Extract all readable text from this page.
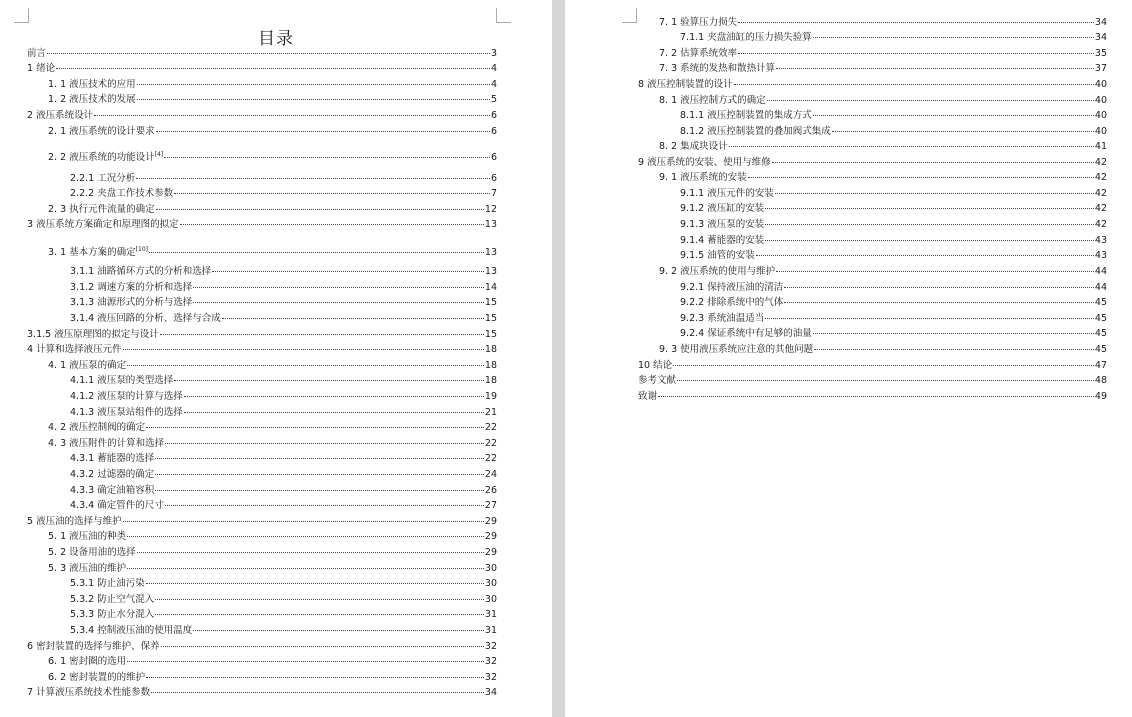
目录
前言	3
1 绪论	4
1. 1 液压技术的应用	4
1. 2 液压技术的发展	5
2 液压系统设计	6
2. 1 液压系统的设计要求	6
2. 2 液压系统的功能设计[4]	6
2.2.1 工况分析	6
2.2.2 夹盘工作技术参数	7
2. 3 执行元件流量的确定	12
3 液压系统方案确定和原理图的拟定	13
3. 1 基本方案的确定[10]	13
3.1.1 油路循环方式的分析和选择	13
3.1.2 调速方案的分析和选择	14
3.1.3 油源形式的分析与选择	15
3.1.4 液压回路的分析、选择与合成	15
3.1.5 液压原理图的拟定与设计	15
4 计算和选择液压元件	18
4. 1 液压泵的确定	18
4.1.1 液压泵的类型选择	18
4.1.2 液压泵的计算与选择	19
4.1.3 液压泵站组件的选择	21
4. 2 液压控制阀的确定	22
4. 3 液压附件的计算和选择	22
4.3.1 蓄能器的选择	22
4.3.2 过滤器的确定	24
4.3.3 确定油箱容积	26
4.3.4 确定管件的尺寸	27
5 液压油的选择与维护	29
5. 1 液压油的种类	29
5. 2 设备用油的选择	29
5. 3 液压油的维护	30
5.3.1 防止油污染	30
5.3.2 防止空气混入	30
5.3.3 防止水分混入	31
5.3.4 控制液压油的使用温度	31
6 密封装置的选择与维护、保养	32
6. 1 密封圈的选用	32
6. 2 密封装置的的维护	32
7 计算液压系统技术性能参数	34
7. 1 验算压力损失	34
7.1.1 夹盘油缸的压力损失验算	34
7. 2 估算系统效率	35
7. 3 系统的发热和散热计算	37
8 液压控制装置的设计	40
8. 1 液压控制方式的确定	40
8.1.1 液压控制装置的集成方式	40
8.1.2 液压控制装置的叠加阀式集成	40
8. 2 集成块设计	41
9 液压系统的安装、使用与维修	42
9. 1 液压系统的安装	42
9.1.1 液压元件的安装	42
9.1.2 液压缸的安装	42
9.1.3 液压泵的安装	42
9.1.4 蓄能器的安装	43
9.1.5 油管的安装	43
9. 2 液压系统的使用与维护	44
9.2.1 保持液压油的清洁	44
9.2.2 排除系统中的气体	45
9.2.3 系统油温适当	45
9.2.4 保证系统中有足够的油量	45
9. 3 使用液压系统应注意的其他问题	45
10 结论	47
参考文献	48
致谢	49
